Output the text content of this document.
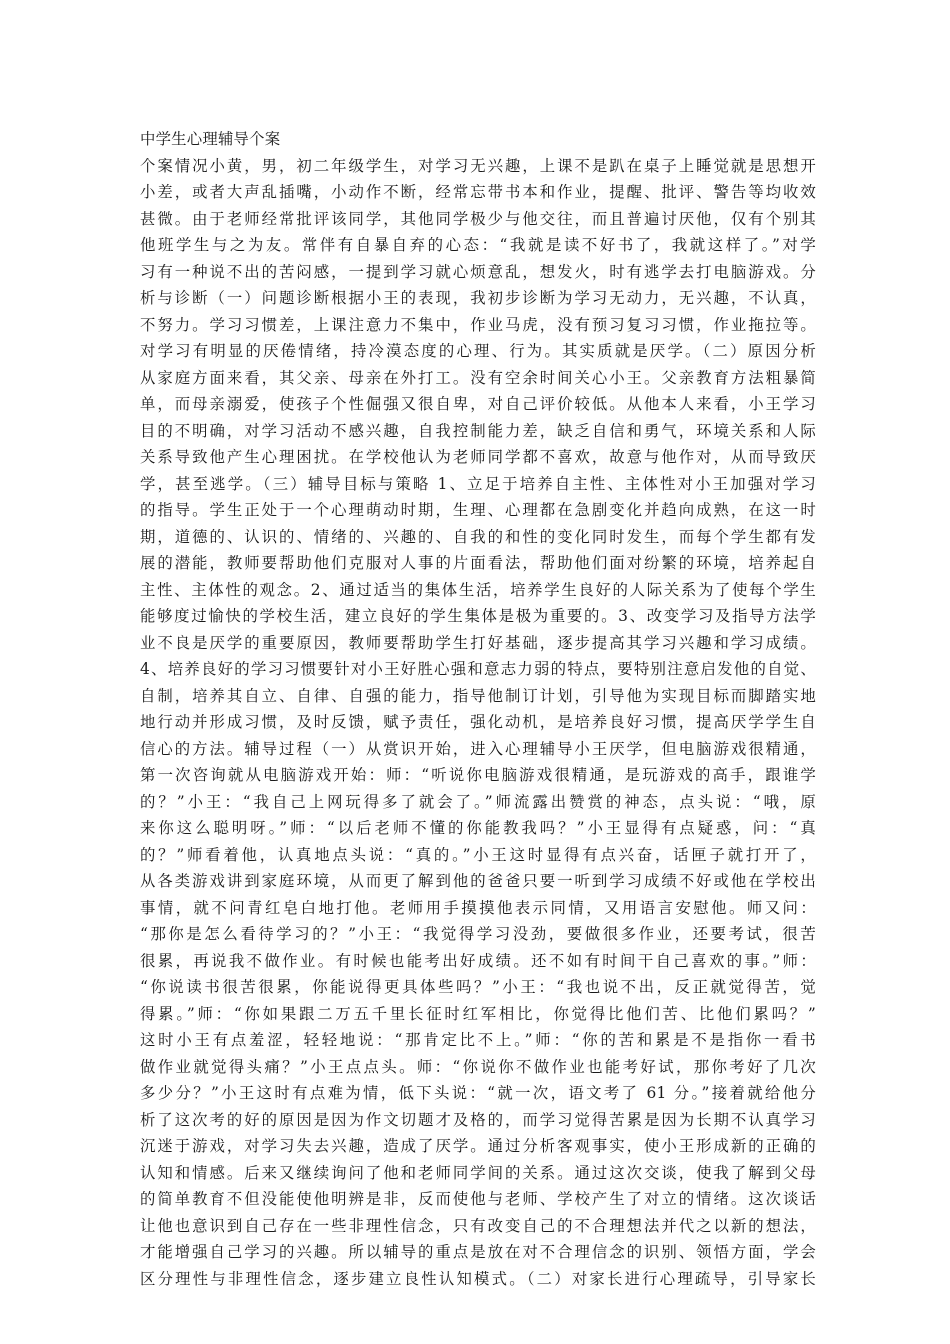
中学生心理辅导个案
个案情况小黄，男，初二年级学生，对学习无兴趣，上课不是趴在桌子上睡觉就是思想开
小差，或者大声乱插嘴，小动作不断，经常忘带书本和作业，提醒、批评、警告等均收效
甚微。由于老师经常批评该同学，其他同学极少与他交往，而且普遍讨厌他，仅有个别其
他班学生与之为友。常伴有自暴自弃的心态：“我就是读不好书了，我就这样了。”对学
习有一种说不出的苦闷感，一提到学习就心烦意乱，想发火，时有逃学去打电脑游戏。分
析与诊断（一）问题诊断根据小王的表现，我初步诊断为学习无动力，无兴趣，不认真，
不努力。学习习惯差，上课注意力不集中，作业马虎，没有预习复习习惯，作业拖拉等。
对学习有明显的厌倦情绪，持冷漠态度的心理、行为。其实质就是厌学。（二）原因分析
从家庭方面来看，其父亲、母亲在外打工。没有空余时间关心小王。父亲教育方法粗暴简
单，而母亲溺爱，使孩子个性倔强又很自卑，对自己评价较低。从他本人来看，小王学习
目的不明确，对学习活动不感兴趣，自我控制能力差，缺乏自信和勇气，环境关系和人际
关系导致他产生心理困扰。在学校他认为老师同学都不喜欢，故意与他作对，从而导致厌
学，甚至逃学。（三）辅导目标与策略 1、立足于培养自主性、主体性对小王加强对学习
的指导。学生正处于一个心理萌动时期，生理、心理都在急剧变化并趋向成熟，在这一时
期，道德的、认识的、情绪的、兴趣的、自我的和性的变化同时发生，而每个学生都有发
展的潜能，教师要帮助他们克服对人事的片面看法，帮助他们面对纷繁的环境，培养起自
主性、主体性的观念。2、通过适当的集体生活，培养学生良好的人际关系为了使每个学生
能够度过愉快的学校生活，建立良好的学生集体是极为重要的。3、改变学习及指导方法学
业不良是厌学的重要原因，教师要帮助学生打好基础，逐步提高其学习兴趣和学习成绩。
4、培养良好的学习习惯要针对小王好胜心强和意志力弱的特点，要特别注意启发他的自觉、
自制，培养其自立、自律、自强的能力，指导他制订计划，引导他为实现目标而脚踏实地
地行动并形成习惯，及时反馈，赋予责任，强化动机，是培养良好习惯，提高厌学学生自
信心的方法。辅导过程（一）从赏识开始，进入心理辅导小王厌学，但电脑游戏很精通，
第一次咨询就从电脑游戏开始：师：“听说你电脑游戏很精通，是玩游戏的高手，跟谁学
的？”小王：“我自己上网玩得多了就会了。”师流露出赞赏的神态，点头说：“哦，原
来你这么聪明呀。”师：“以后老师不懂的你能教我吗？”小王显得有点疑惑，问：“真
的？”师看着他，认真地点头说：“真的。”小王这时显得有点兴奋，话匣子就打开了，
从各类游戏讲到家庭环境，从而更了解到他的爸爸只要一听到学习成绩不好或他在学校出
事情，就不问青红皂白地打他。老师用手摸摸他表示同情，又用语言安慰他。师又问：
“那你是怎么看待学习的？”小王：“我觉得学习没劲，要做很多作业，还要考试，很苦
很累，再说我不做作业。有时候也能考出好成绩。还不如有时间干自己喜欢的事。”师：
“你说读书很苦很累，你能说得更具体些吗？”小王：“我也说不出，反正就觉得苦，觉
得累。”师：“你如果跟二万五千里长征时红军相比，你觉得比他们苦、比他们累吗？”
这时小王有点羞涩，轻轻地说：“那肯定比不上。”师：“你的苦和累是不是指你一看书
做作业就觉得头痛？”小王点点头。师：“你说你不做作业也能考好试，那你考好了几次
多少分？”小王这时有点难为情，低下头说：“就一次，语文考了 61 分。”接着就给他分
析了这次考的好的原因是因为作文切题才及格的，而学习觉得苦累是因为长期不认真学习
沉迷于游戏，对学习失去兴趣，造成了厌学。通过分析客观事实，使小王形成新的正确的
认知和情感。后来又继续询问了他和老师同学间的关系。通过这次交谈，使我了解到父母
的简单教育不但没能使他明辨是非，反而使他与老师、学校产生了对立的情绪。这次谈话
让他也意识到自己存在一些非理性信念，只有改变自己的不合理想法并代之以新的想法，
才能增强自己学习的兴趣。所以辅导的重点是放在对不合理信念的识别、领悟方面，学会
区分理性与非理性信念，逐步建立良性认知模式。（二）对家长进行心理疏导，引导家长
